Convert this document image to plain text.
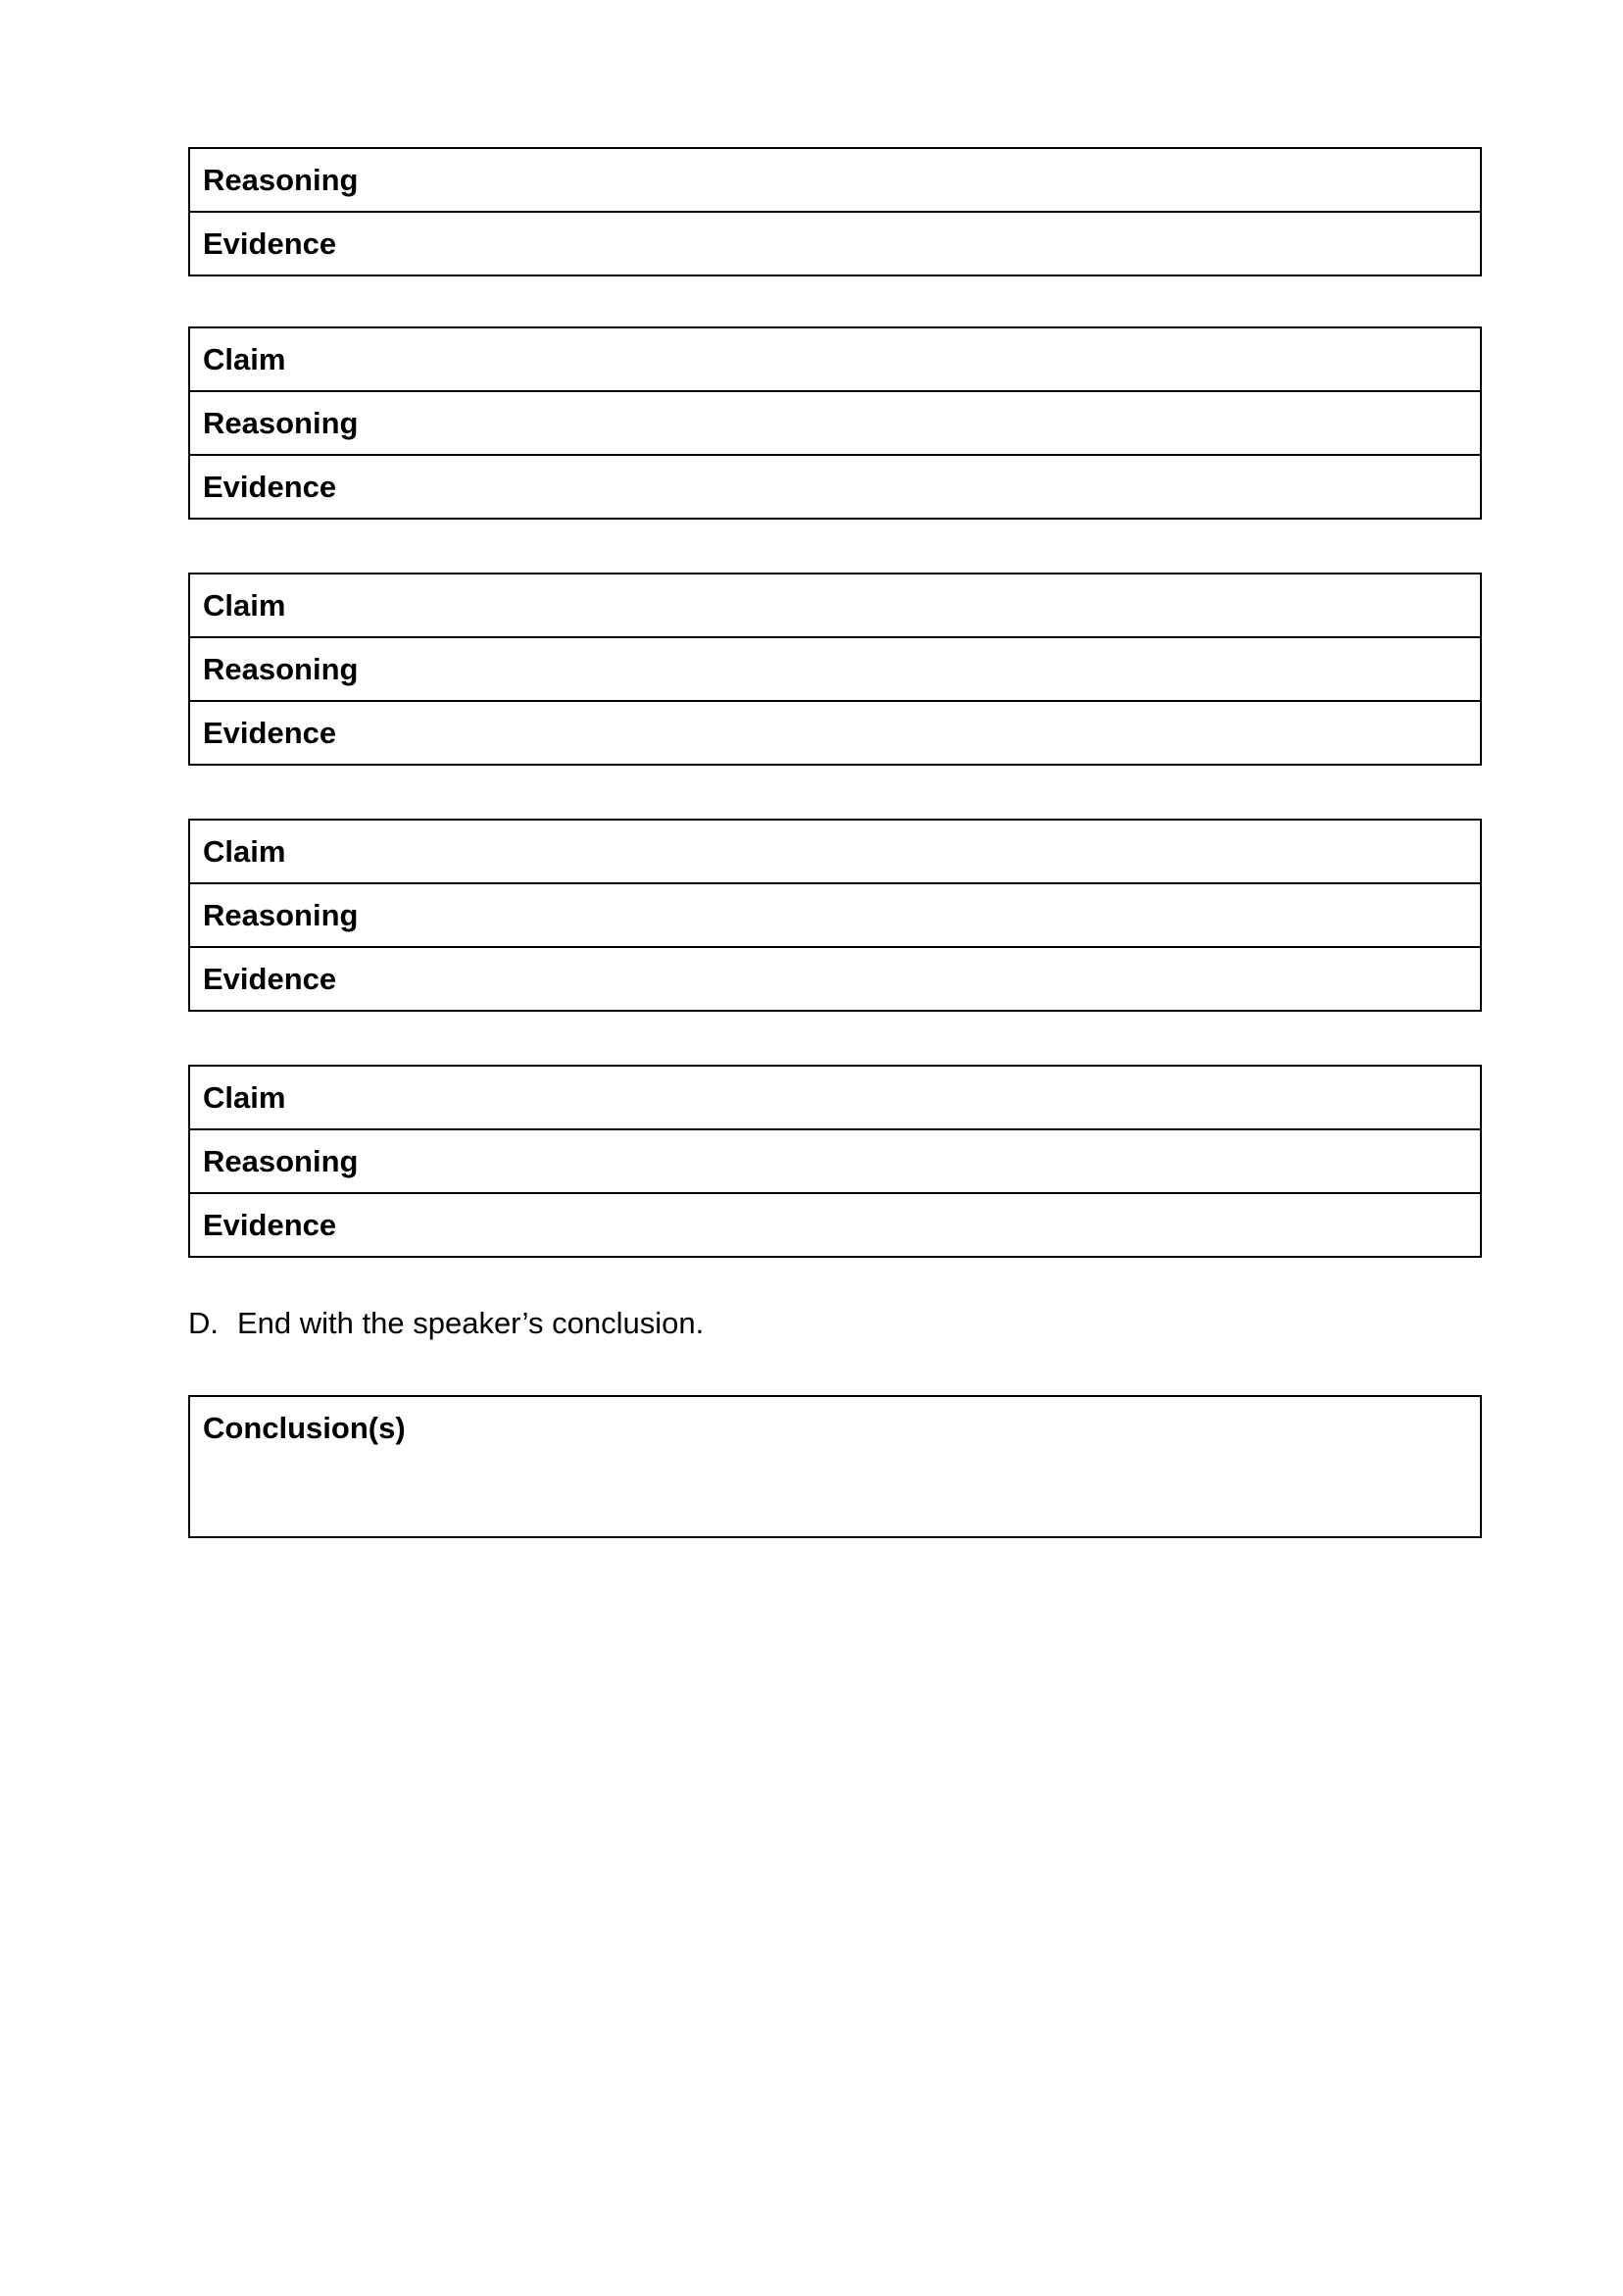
Reasoning
Evidence
Claim
Reasoning
Evidence
Claim
Reasoning
Evidence
Claim
Reasoning
Evidence
Claim
Reasoning
Evidence
D. End with the speaker’s conclusion.
Conclusion(s)
